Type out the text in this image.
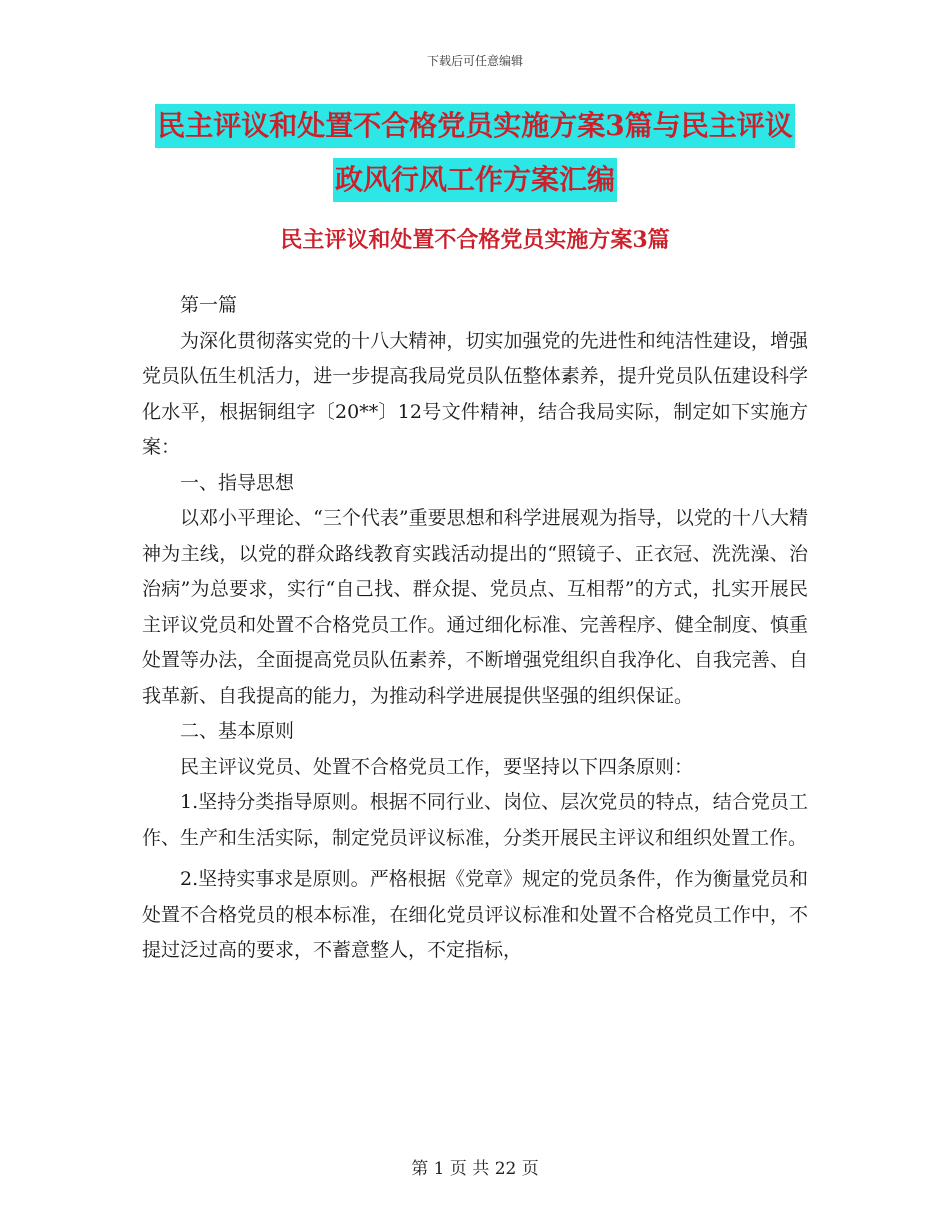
下载后可任意编辑
民主评议和处置不合格党员实施方案3篇与民主评议
政风行风工作方案汇编
民主评议和处置不合格党员实施方案3篇

第一篇

为深化贯彻落实党的十八大精神，切实加强党的先进性和纯洁性建设，增强党员队伍生机活力，进一步提高我局党员队伍整体素养，提升党员队伍建设科学化水平，根据铜组字〔20**〕12号文件精神，结合我局实际，制定如下实施方案：

一、指导思想

以邓小平理论、“三个代表”重要思想和科学进展观为指导，以党的十八大精神为主线，以党的群众路线教育实践活动提出的“照镜子、正衣冠、洗洗澡、治治病”为总要求，实行“自己找、群众提、党员点、互相帮”的方式，扎实开展民主评议党员和处置不合格党员工作。通过细化标准、完善程序、健全制度、慎重处置等办法，全面提高党员队伍素养，不断增强党组织自我净化、自我完善、自我革新、自我提高的能力，为推动科学进展提供坚强的组织保证。

二、基本原则

民主评议党员、处置不合格党员工作，要坚持以下四条原则：

1.坚持分类指导原则。根据不同行业、岗位、层次党员的特点，结合党员工作、生产和生活实际，制定党员评议标准，分类开展民主评议和组织处置工作。

2.坚持实事求是原则。严格根据《党章》规定的党员条件，作为衡量党员和处置不合格党员的根本标准，在细化党员评议标准和处置不合格党员工作中，不提过泛过高的要求，不蓄意整人，不定指标，

第 1 页 共 22 页
